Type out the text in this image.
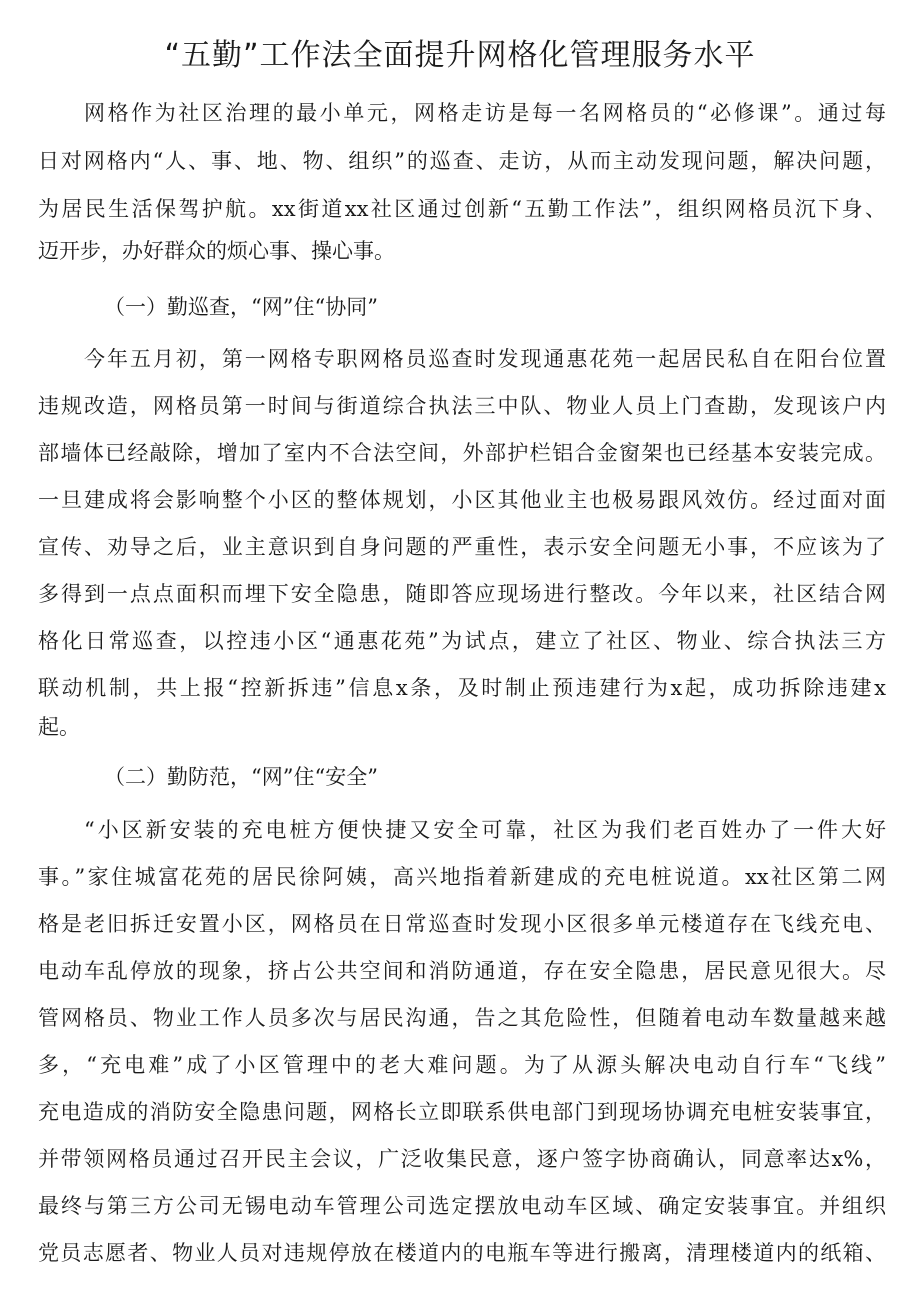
“五勤”工作法全面提升网格化管理服务水平
网格作为社区治理的最小单元，网格走访是每一名网格员的“必修课”。通过每
日对网格内“人、事、地、物、组织”的巡查、走访，从而主动发现问题，解决问题，
为居民生活保驾护航。xx街道xx社区通过创新“五勤工作法”，组织网格员沉下身、
迈开步，办好群众的烦心事、操心事。
（一）勤巡查，“网”住“协同”
今年五月初，第一网格专职网格员巡查时发现通惠花苑一起居民私自在阳台位置
违规改造，网格员第一时间与街道综合执法三中队、物业人员上门查勘，发现该户内
部墙体已经敲除，增加了室内不合法空间，外部护栏铝合金窗架也已经基本安装完成。
一旦建成将会影响整个小区的整体规划，小区其他业主也极易跟风效仿。经过面对面
宣传、劝导之后，业主意识到自身问题的严重性，表示安全问题无小事，不应该为了
多得到一点点面积而埋下安全隐患，随即答应现场进行整改。今年以来，社区结合网
格化日常巡查，以控违小区“通惠花苑”为试点，建立了社区、物业、综合执法三方
联动机制，共上报“控新拆违”信息x条，及时制止预违建行为x起，成功拆除违建x
起。
（二）勤防范，“网”住“安全”
“小区新安装的充电桩方便快捷又安全可靠，社区为我们老百姓办了一件大好
事。”家住城富花苑的居民徐阿姨，高兴地指着新建成的充电桩说道。xx社区第二网
格是老旧拆迁安置小区，网格员在日常巡查时发现小区很多单元楼道存在飞线充电、
电动车乱停放的现象，挤占公共空间和消防通道，存在安全隐患，居民意见很大。尽
管网格员、物业工作人员多次与居民沟通，告之其危险性，但随着电动车数量越来越
多，“充电难”成了小区管理中的老大难问题。为了从源头解决电动自行车“飞线”
充电造成的消防安全隐患问题，网格长立即联系供电部门到现场协调充电桩安装事宜，
并带领网格员通过召开民主会议，广泛收集民意，逐户签字协商确认，同意率达x%，
最终与第三方公司无锡电动车管理公司选定摆放电动车区域、确定安装事宜。并组织
党员志愿者、物业人员对违规停放在楼道内的电瓶车等进行搬离，清理楼道内的纸箱、
